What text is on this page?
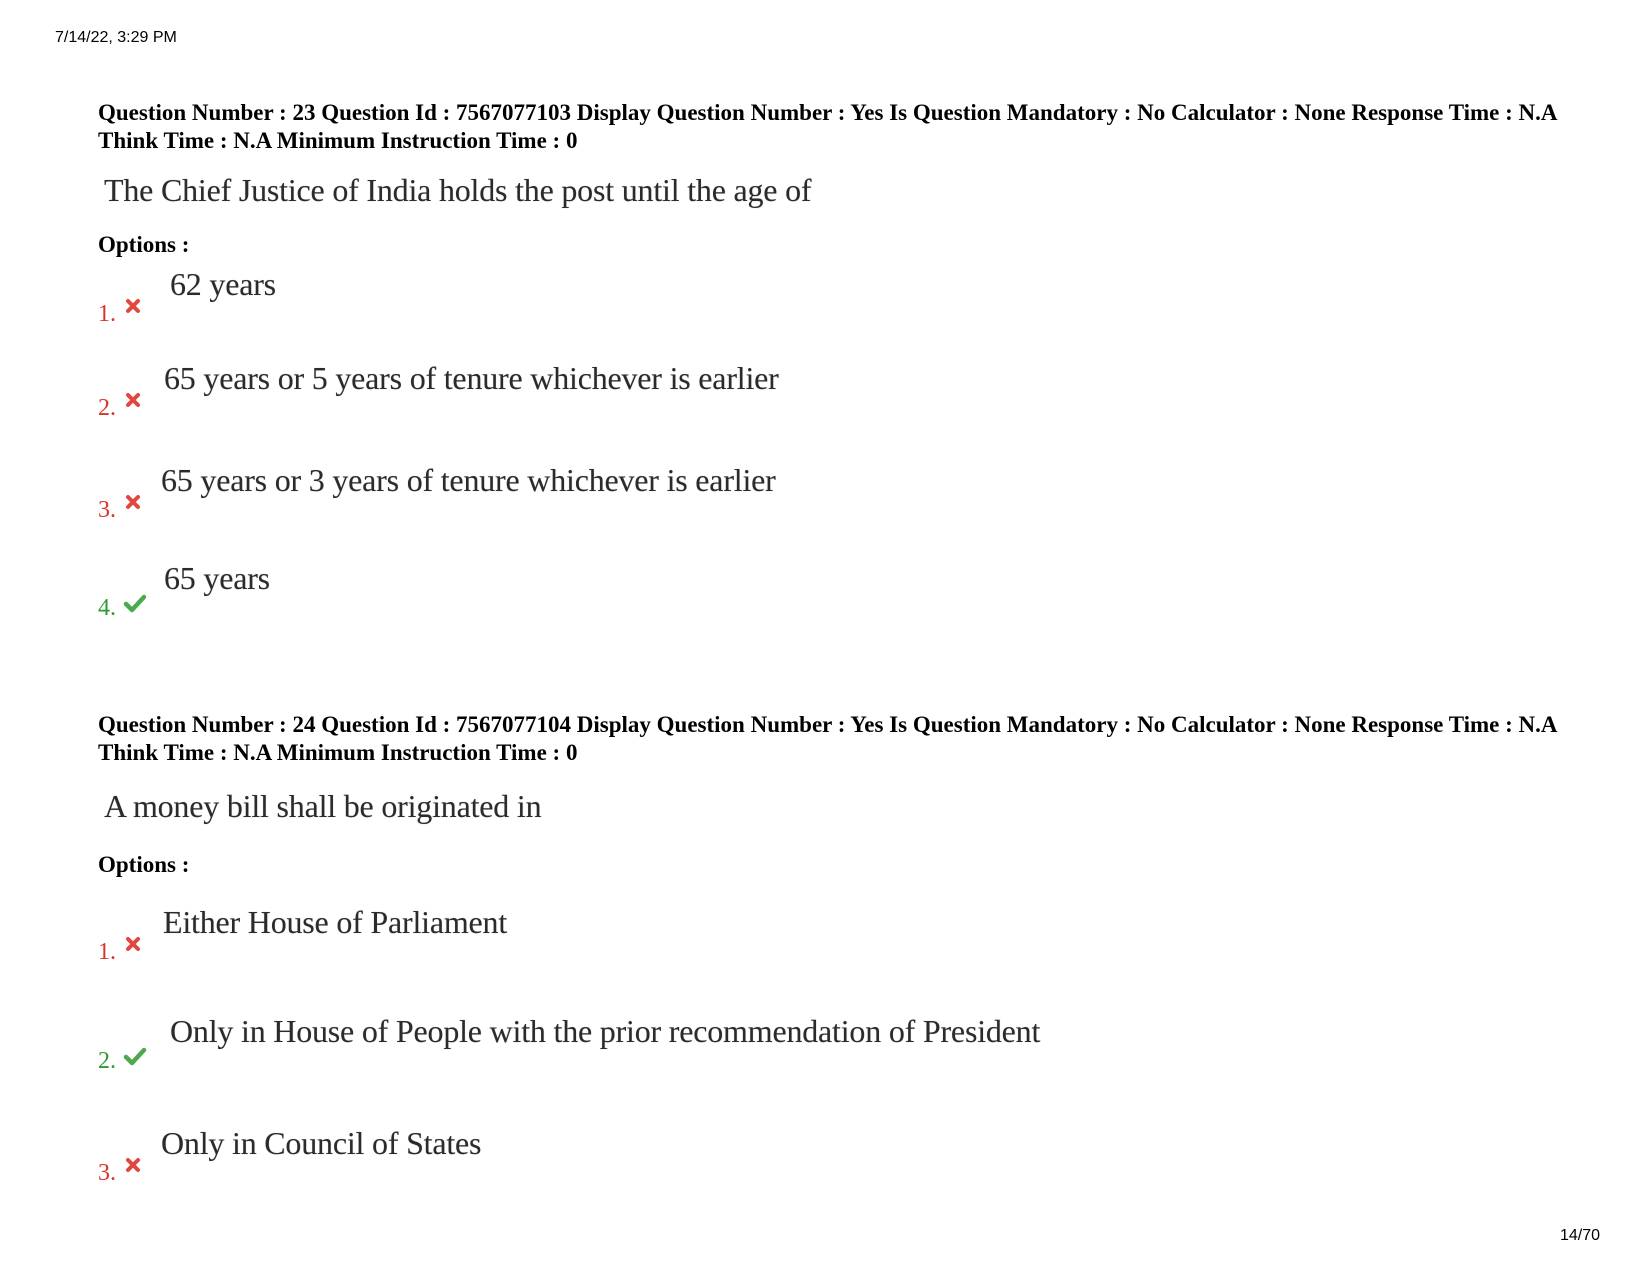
7/14/22, 3:29 PM
Question Number : 23 Question Id : 7567077103 Display Question Number : Yes Is Question Mandatory : No Calculator : None Response Time : N.A Think Time : N.A Minimum Instruction Time : 0
The Chief Justice of India holds the post until the age of
Options :
1.
62 years
2.
65 years or 5 years of tenure whichever is earlier
3.
65 years or 3 years of tenure whichever is earlier
4.
65 years
Question Number : 24 Question Id : 7567077104 Display Question Number : Yes Is Question Mandatory : No Calculator : None Response Time : N.A Think Time : N.A Minimum Instruction Time : 0
A money bill shall be originated in
Options :
1.
Either House of Parliament
2.
Only in House of People with the prior recommendation of President
3.
Only in Council of States
14/70
